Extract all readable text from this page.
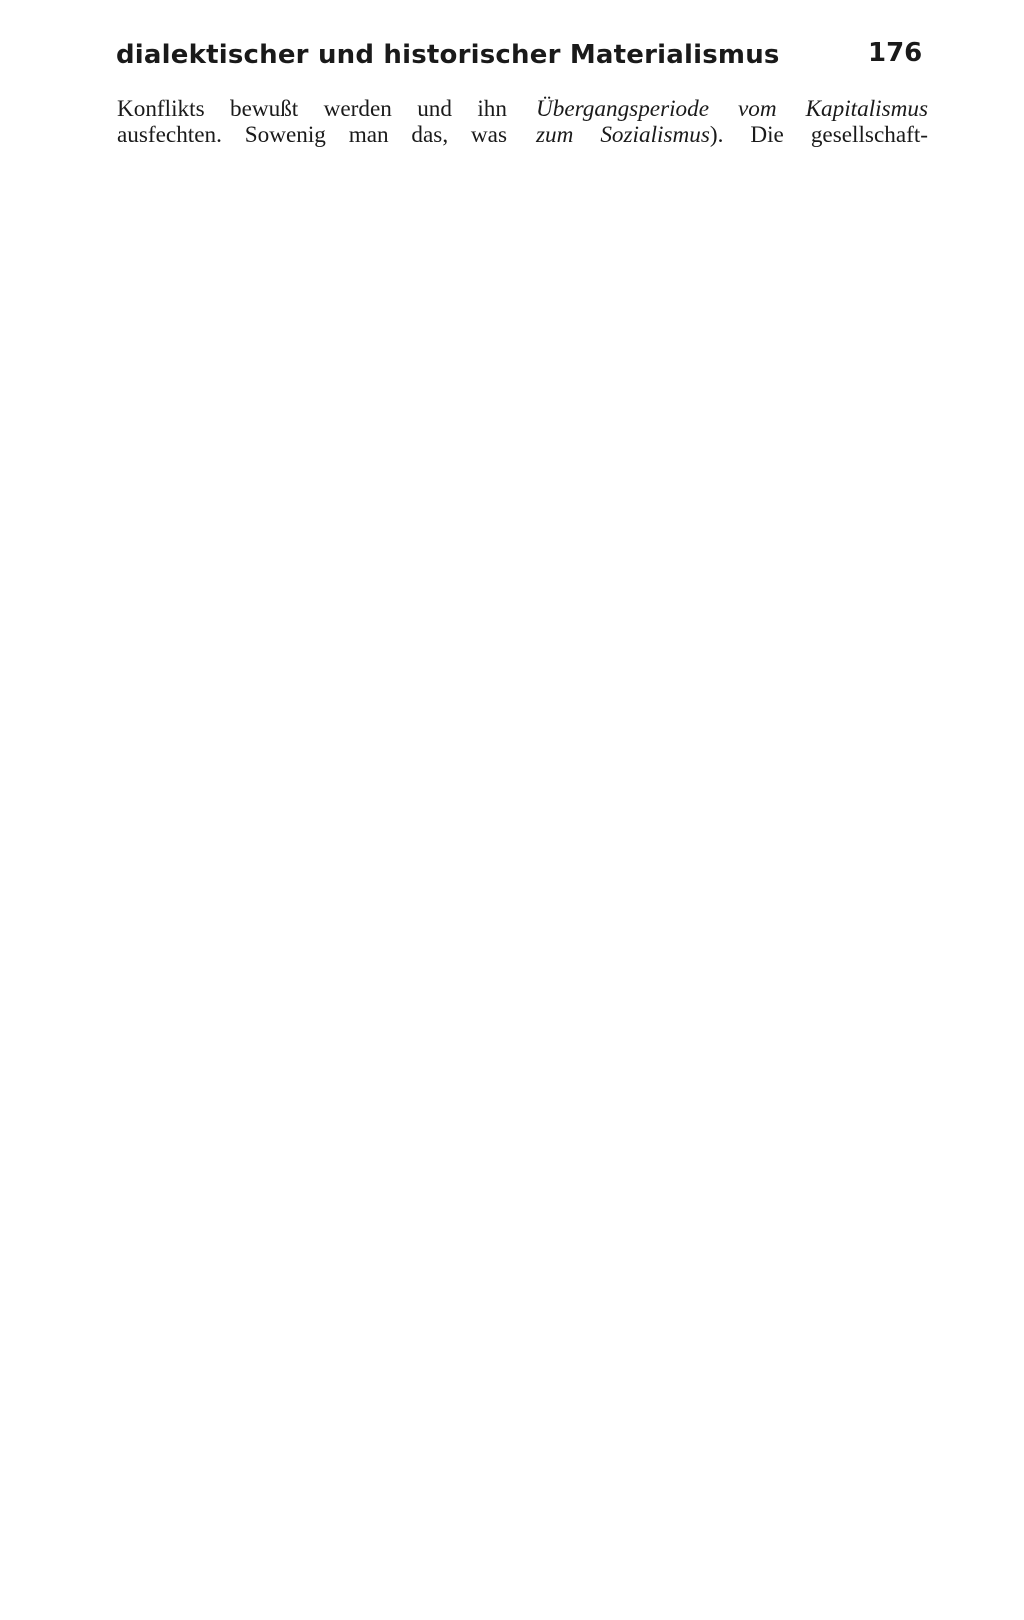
dialektischer und historischer Materialismus	176
Konflikts bewußt werden und ihn
ausfechten. Sowenig man das, was
Übergangsperiode vom Kapitalismus
zum Sozialismus). Die gesellschaft-
